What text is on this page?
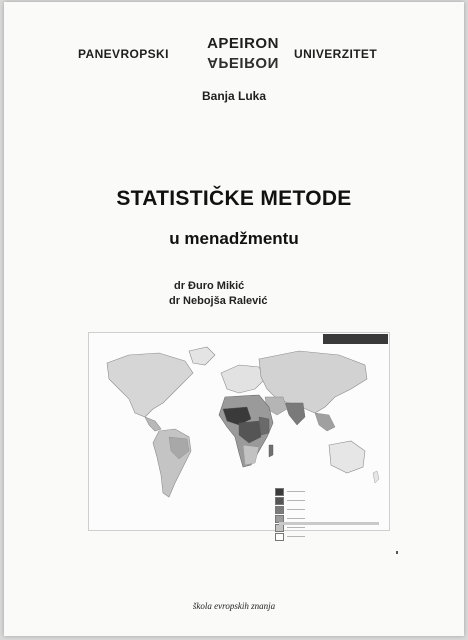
PANEVROPSKI
APEIRON
APEIRON	UNIVERZITET
Banja Luka
STATISTIČKE METODE
u menadžmentu
dr Đuro Mikić
dr Nebojša Ralević
škola evropskih znanja
